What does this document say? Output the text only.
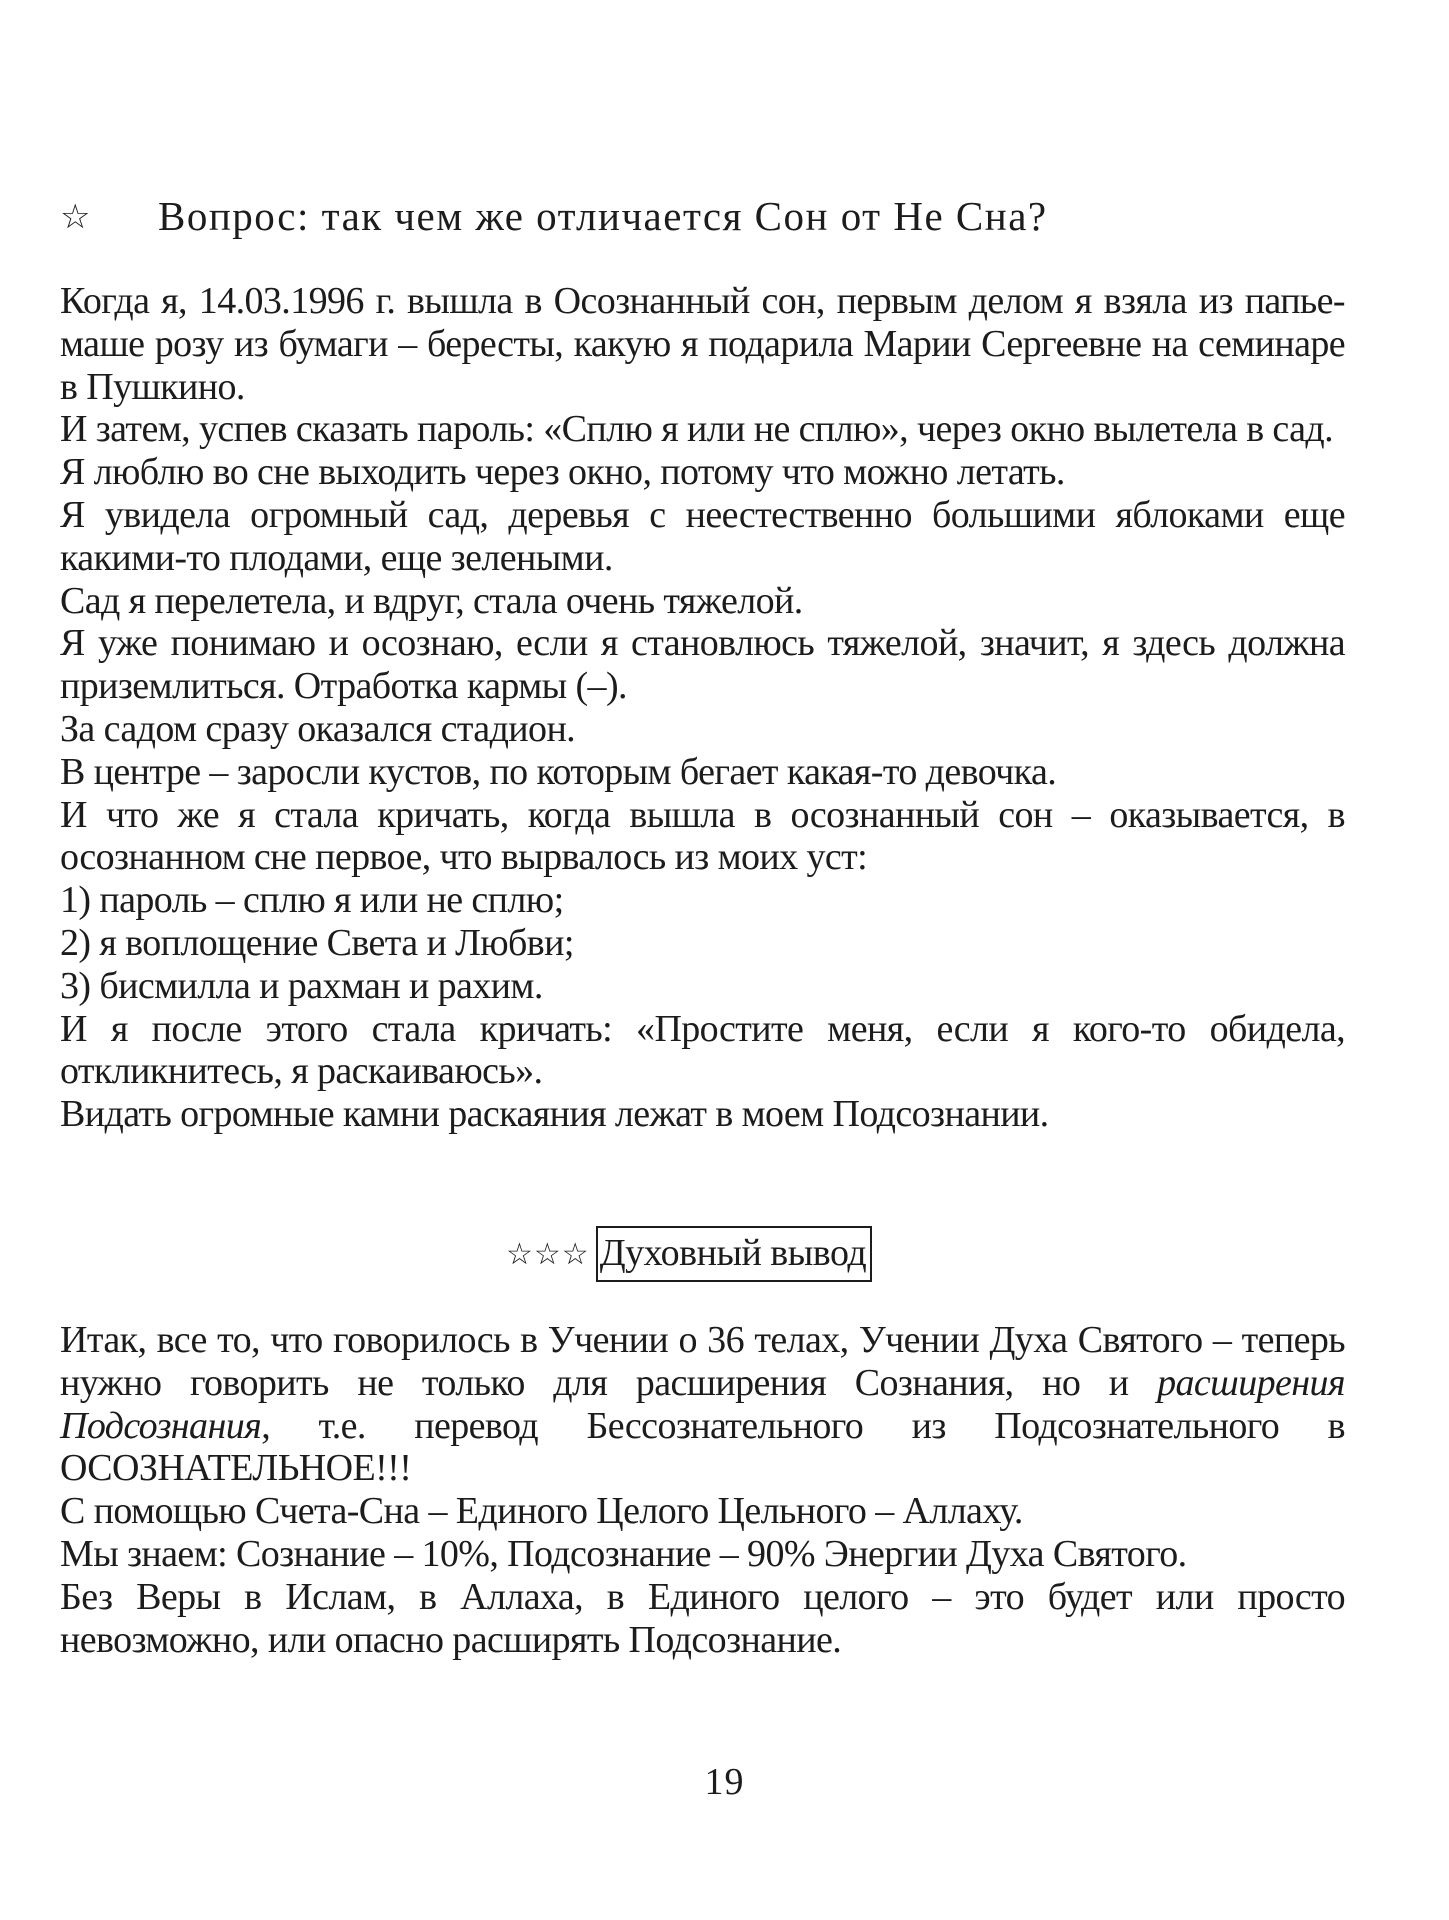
☆ Вопрос: так чем же отличается Сон от Не Сна?

Когда я, 14.03.1996 г. вышла в Осознанный сон, первым делом я взяла из папье-маше розу из бумаги – бересты, какую я подарила Марии Сергеевне на семинаре в Пушкино.

И затем, успев сказать пароль: «Сплю я или не сплю», через окно вылетела в сад.

Я люблю во сне выходить через окно, потому что можно летать.

Я увидела огромный сад, деревья с неестественно большими яблоками еще какими-то плодами, еще зелеными.

Сад я перелетела, и вдруг, стала очень тяжелой.

Я уже понимаю и осознаю, если я становлюсь тяжелой, значит, я здесь должна приземлиться. Отработка кармы (–).

За садом сразу оказался стадион.

В центре – заросли кустов, по которым бегает какая-то девочка.

И что же я стала кричать, когда вышла в осознанный сон – оказывается, в осознанном сне первое, что вырвалось из моих уст:

1) пароль – сплю я или не сплю;

2) я воплощение Света и Любви;

3) бисмилла и рахман и рахим.

И я после этого стала кричать: «Простите меня, если я кого-то обидела, откликнитесь, я раскаиваюсь».

Видать огромные камни раскаяния лежат в моем Подсознании.

☆☆☆ Духовный вывод

Итак, все то, что говорилось в Учении о 36 телах, Учении Духа Святого – теперь нужно говорить не только для расширения Сознания, но и расширения Подсознания, т.е. перевод Бессознательного из Подсознательного в ОСОЗНАТЕЛЬНОЕ!!!

С помощью Счета-Сна – Единого Целого Цельного – Аллаху.

Мы знаем: Сознание – 10%, Подсознание – 90% Энергии Духа Святого.

Без Веры в Ислам, в Аллаха, в Единого целого – это будет или просто невозможно, или опасно расширять Подсознание.

19
